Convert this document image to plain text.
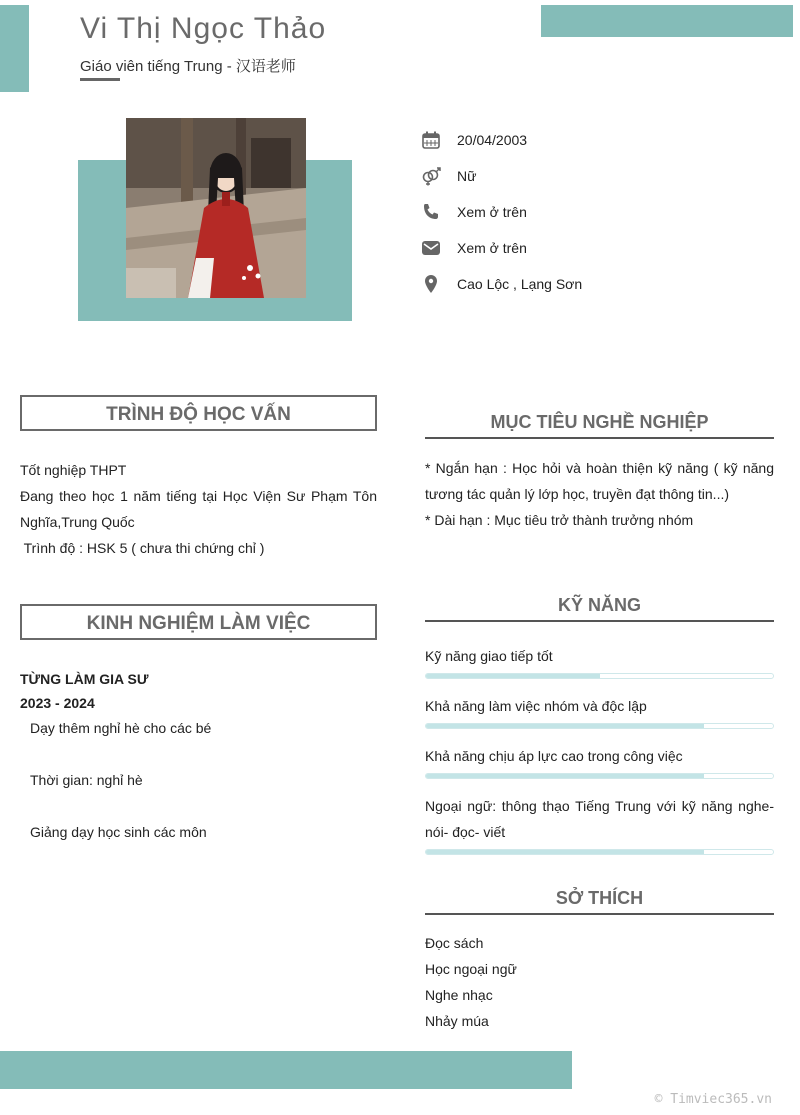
Vi Thị Ngọc Thảo
Giáo viên tiếng Trung - 汉语老师
20/04/2003
Nữ
Xem ở trên
Xem ở trên
Cao Lộc , Lạng Sơn
TRÌNH ĐỘ HỌC VẤN
Tốt nghiệp THPT
Đang theo học 1 năm tiếng tại Học Viện Sư Phạm Tôn Nghĩa,Trung Quốc
Trình độ : HSK 5 ( chưa thi chứng chỉ )
KINH NGHIỆM LÀM VIỆC
TỪNG LÀM GIA SƯ
2023 - 2024
Dạy thêm nghỉ hè cho các bé
Thời gian: nghỉ hè
Giảng dạy học sinh các môn
MỤC TIÊU NGHỀ NGHIỆP
* Ngắn hạn : Học hỏi và hoàn thiện kỹ năng ( kỹ năng tương tác quản lý lớp học, truyền đạt thông tin...)
* Dài hạn : Mục tiêu trở thành trưởng nhóm
KỸ NĂNG
Kỹ năng giao tiếp tốt
Khả năng làm việc nhóm và độc lập
Khả năng chịu áp lực cao trong công việc
Ngoại ngữ: thông thạo Tiếng Trung với kỹ năng nghe- nói- đọc- viết
SỞ THÍCH
Đọc sách
Học ngoại ngữ
Nghe nhạc
Nhảy múa
© Timviec365.vn
